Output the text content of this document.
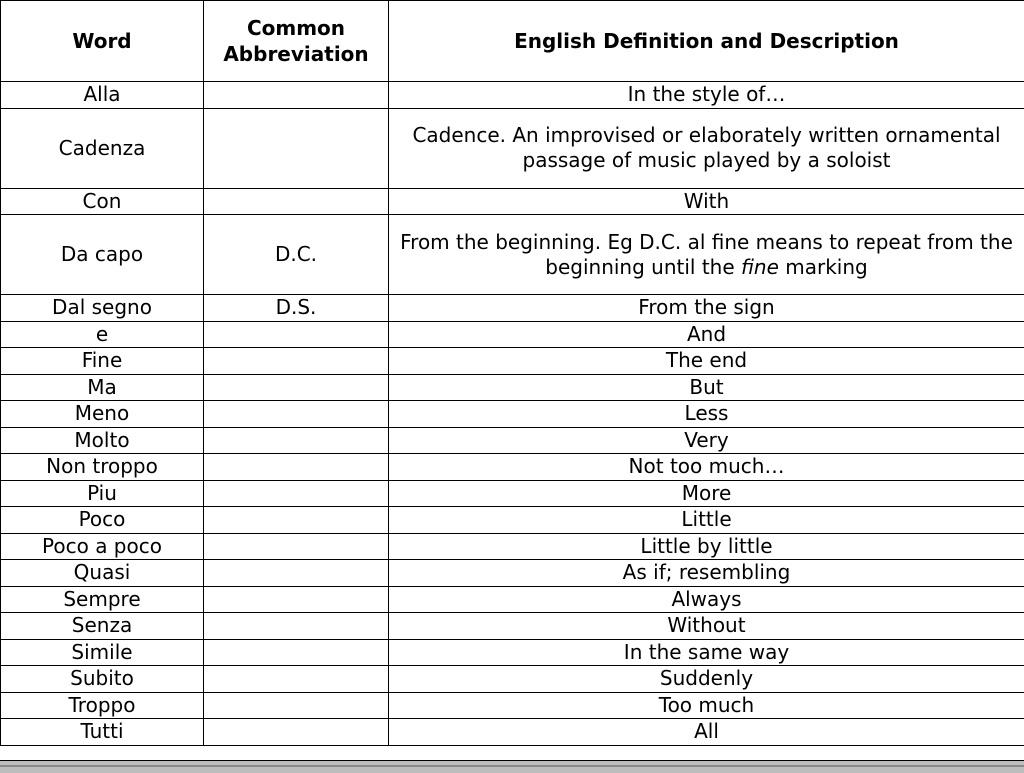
Word	Common Abbreviation	English Definition and Description
Alla		In the style of…
Cadenza		Cadence. An improvised or elaborately written ornamental passage of music played by a soloist
Con		With
Da capo	D.C.	From the beginning. Eg D.C. al fine means to repeat from the beginning until the fine marking
Dal segno	D.S.	From the sign
e		And
Fine		The end
Ma		But
Meno		Less
Molto		Very
Non troppo		Not too much…
Piu		More
Poco		Little
Poco a poco		Little by little
Quasi		As if; resembling
Sempre		Always
Senza		Without
Simile		In the same way
Subito		Suddenly
Troppo		Too much
Tutti		All
